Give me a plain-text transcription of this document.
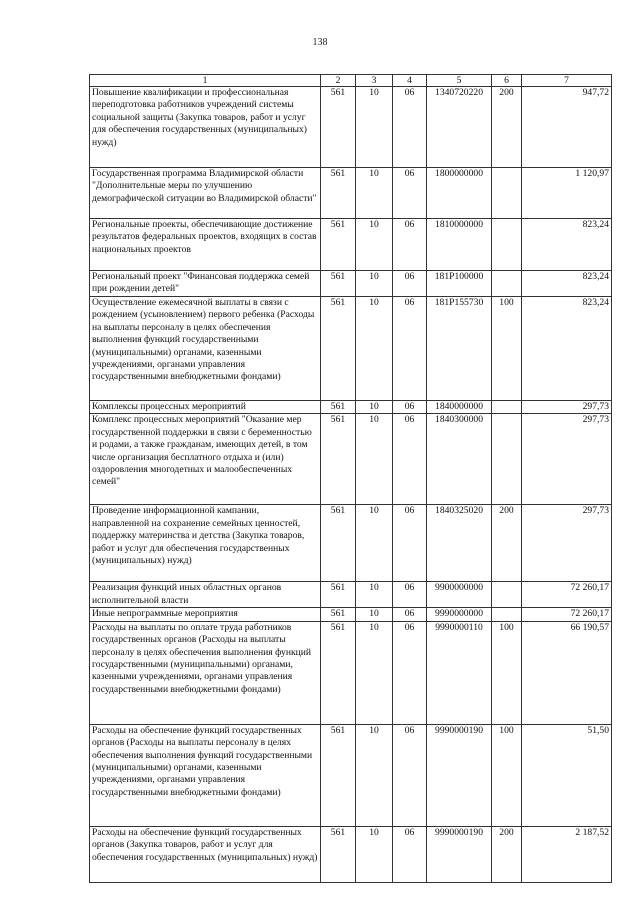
138
1	2	3	4	5	6	7
Повышение квалификации и профессиональная переподготовка работников учреждений системы социальной защиты (Закупка товаров, работ и услуг для обеспечения государственных (муниципальных) нужд)	561	10	06	1340720220	200	947,72
Государственная программа Владимирской области "Дополнительные меры по улучшению демографической ситуации во Владимирской области"	561	10	06	1800000000		1 120,97
Региональные проекты, обеспечивающие достижение результатов федеральных проектов, входящих в состав национальных проектов	561	10	06	1810000000		823,24
Региональный проект "Финансовая поддержка семей при рождении детей"	561	10	06	181Р100000		823,24
Осуществление ежемесячной выплаты в связи с рождением (усыновлением) первого ребенка (Расходы на выплаты персоналу в целях обеспечения выполнения функций государственными (муниципальными) органами, казенными учреждениями, органами управления государственными внебюджетными фондами)	561	10	06	181Р155730	100	823,24
Комплексы процессных мероприятий	561	10	06	1840000000		297,73
Комплекс процессных мероприятий "Оказание мер государственной поддержки в связи с беременностью и родами, а также гражданам, имеющих детей, в том числе организация бесплатного отдыха и (или) оздоровления многодетных и малообеспеченных семей"	561	10	06	1840300000		297,73
Проведение информационной кампании, направленной на сохранение семейных ценностей, поддержку материнства и детства (Закупка товаров, работ и услуг для обеспечения государственных (муниципальных) нужд)	561	10	06	1840325020	200	297,73
Реализация функций иных областных органов исполнительной власти	561	10	06	9900000000		72 260,17
Иные непрограммные мероприятия	561	10	06	9990000000		72 260,17
Расходы на выплаты по оплате труда работников государственных органов (Расходы на выплаты персоналу в целях обеспечения выполнения функций государственными (муниципальными) органами, казенными учреждениями, органами управления государственными внебюджетными фондами)	561	10	06	9990000110	100	66 190,57
Расходы на обеспечение функций государственных органов (Расходы на выплаты персоналу в целях обеспечения выполнения функций государственными (муниципальными) органами, казенными учреждениями, органами управления государственными внебюджетными фондами)	561	10	06	9990000190	100	51,50
Расходы на обеспечение функций государственных органов (Закупка товаров, работ и услуг для обеспечения государственных (муниципальных) нужд)	561	10	06	9990000190	200	2 187,52
